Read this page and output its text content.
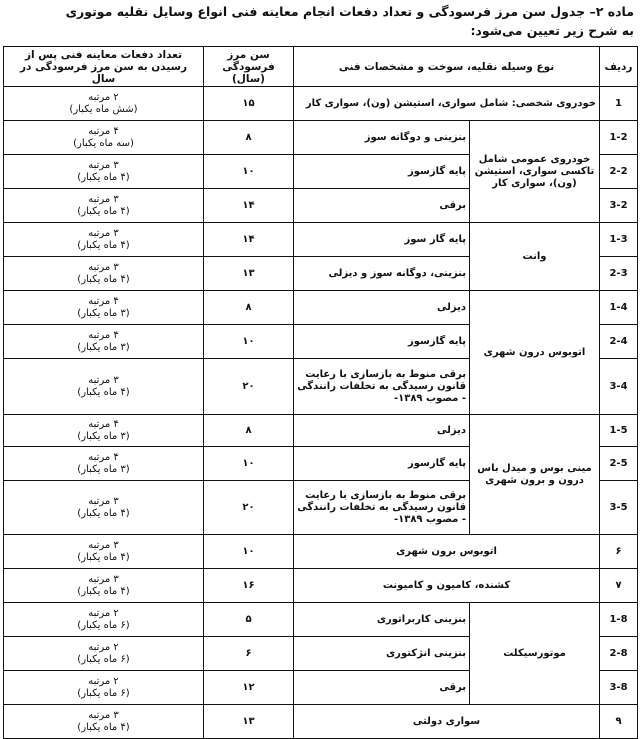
ماده ۲– جدول سن مرز فرسودگی و تعداد دفعات انجام معاینه فنی انواع وسایل نقلیه موتوری
به شرح زیر تعیین می‌شود:

ردیف	نوع وسیله نقلیه، سوخت و مشخصات فنی		سن مرز فرسودگی (سال)	تعداد دفعات معاینه فنی پس از رسیدن به سن مرز فرسودگی در سال
1	خودروی شخصی: شامل سواری، استیشن (ون)، سواری کار		۱۵	۲ مرتبه
(شش ماه یکبار)

1-2	خودروی عمومی شامل تاکسی سواری، استیشن (ون)، سواری کار	بنزینی و دوگانه سوز	۸	۴ مرتبه
(سه ماه یکبار)

2-2		پایه گازسوز	۱۰	۳ مرتبه
(۴ ماه یکبار)

3-2		برقی	۱۴	۳ مرتبه
(۴ ماه یکبار)

1-3	وانت	پایه گاز سوز	۱۴	۳ مرتبه
(۴ ماه یکبار)

2-3		بنزینی، دوگانه سوز و دیزلی	۱۳	۳ مرتبه
(۴ ماه یکبار)

1-4	اتوبوس درون شهری	دیزلی	۸	۴ مرتبه
(۳ ماه یکبار)

2-4		پایه گازسوز	۱۰	۴ مرتبه
(۳ ماه یکبار)

3-4		برقی منوط به بازسازی با رعایت قانون رسیدگی به تخلفات رانندگی - مصوب ۱۳۸۹-	۲۰	۳ مرتبه
(۴ ماه یکبار)

1-5	مینی بوس و میدل باس درون و برون شهری	دیزلی	۸	۴ مرتبه
(۳ ماه یکبار)

2-5		پایه گازسوز	۱۰	۴ مرتبه
(۳ ماه یکبار)

3-5		برقی منوط به بازسازی با رعایت قانون رسیدگی به تخلفات رانندگی - مصوب ۱۳۸۹-	۲۰	۳ مرتبه
(۴ ماه یکبار)

۶	اتوبوس برون شهری		۱۰	۳ مرتبه
(۴ ماه یکبار)

۷	کشنده، کامیون و کامیونت		۱۶	۳ مرتبه
(۴ ماه یکبار)

1-8	موتورسیکلت	بنزینی کاربراتوری	۵	۲ مرتبه
(۶ ماه یکبار)

2-8		بنزینی انژکتوری	۶	۲ مرتبه
(۶ ماه یکبار)

3-8		برقی	۱۲	۲ مرتبه
(۶ ماه یکبار)

۹	سواری دولتی		۱۳	۳ مرتبه
(۴ ماه یکبار)
